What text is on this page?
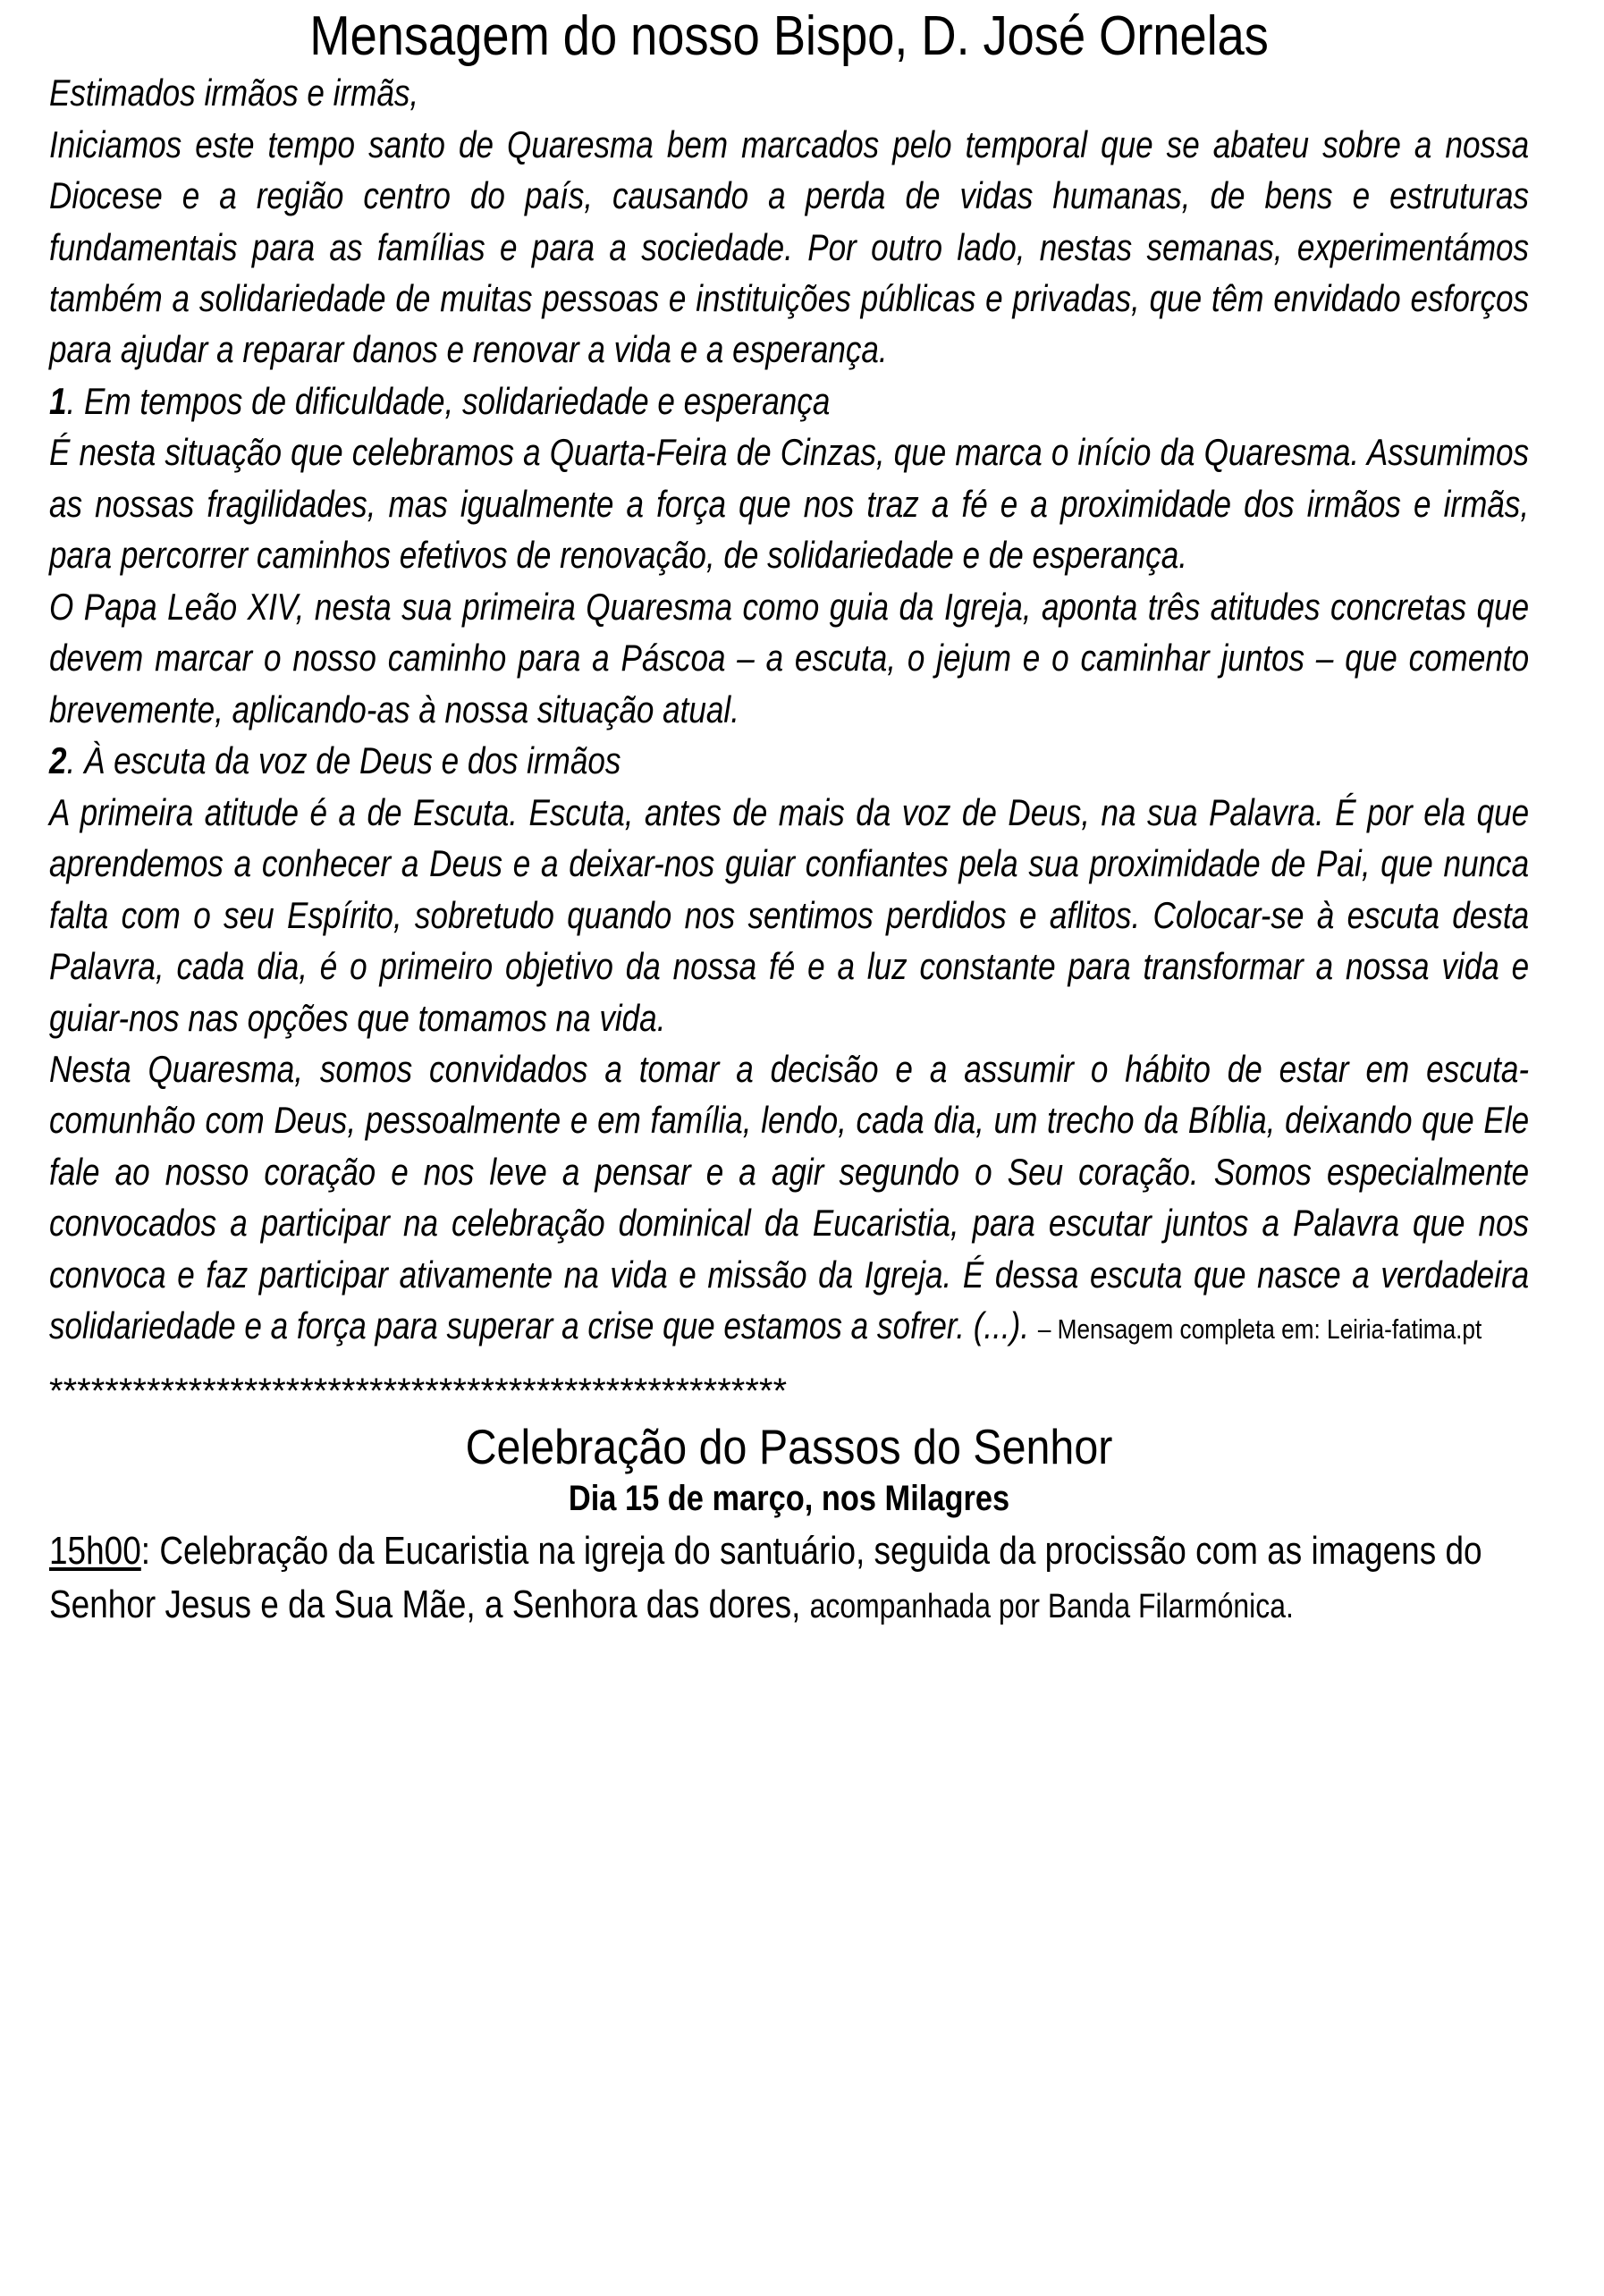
Mensagem do nosso Bispo, D. José Ornelas

Estimados irmãos e irmãs,

Iniciamos este tempo santo de Quaresma bem marcados pelo temporal que se abateu sobre a nossa Diocese e a região centro do país, causando a perda de vidas humanas, de bens e estruturas fundamentais para as famílias e para a sociedade. Por outro lado, nestas semanas, experimentámos também a solidariedade de muitas pessoas e instituições públicas e privadas, que têm envidado esforços para ajudar a reparar danos e renovar a vida e a esperança.

1. Em tempos de dificuldade, solidariedade e esperança

É nesta situação que celebramos a Quarta-Feira de Cinzas, que marca o início da Quaresma. Assumimos as nossas fragilidades, mas igualmente a força que nos traz a fé e a proximidade dos irmãos e irmãs, para percorrer caminhos efetivos de renovação, de solidariedade e de esperança.

O Papa Leão XIV, nesta sua primeira Quaresma como guia da Igreja, aponta três atitudes concretas que devem marcar o nosso caminho para a Páscoa – a escuta, o jejum e o caminhar juntos – que comento brevemente, aplicando-as à nossa situação atual.

2. À escuta da voz de Deus e dos irmãos

A primeira atitude é a de Escuta. Escuta, antes de mais da voz de Deus, na sua Palavra. É por ela que aprendemos a conhecer a Deus e a deixar-nos guiar confiantes pela sua proximidade de Pai, que nunca falta com o seu Espírito, sobretudo quando nos sentimos perdidos e aflitos. Colocar-se à escuta desta Palavra, cada dia, é o primeiro objetivo da nossa fé e a luz constante para transformar a nossa vida e guiar-nos nas opções que tomamos na vida.

Nesta Quaresma, somos convidados a tomar a decisão e a assumir o hábito de estar em escuta-comunhão com Deus, pessoalmente e em família, lendo, cada dia, um trecho da Bíblia, deixando que Ele fale ao nosso coração e nos leve a pensar e a agir segundo o Seu coração. Somos especialmente convocados a participar na celebração dominical da Eucaristia, para escutar juntos a Palavra que nos convoca e faz participar ativamente na vida e missão da Igreja. É dessa escuta que nasce a verdadeira solidariedade e a força para superar a crise que estamos a sofrer. (...). – Mensagem completa em: Leiria-fatima.pt

*****************************************************
Celebração do Passos do Senhor
Dia 15 de março, nos Milagres

15h00: Celebração da Eucaristia na igreja do santuário, seguida da procissão com as imagens do Senhor Jesus e da Sua Mãe, a Senhora das dores, acompanhada por Banda Filarmónica.
